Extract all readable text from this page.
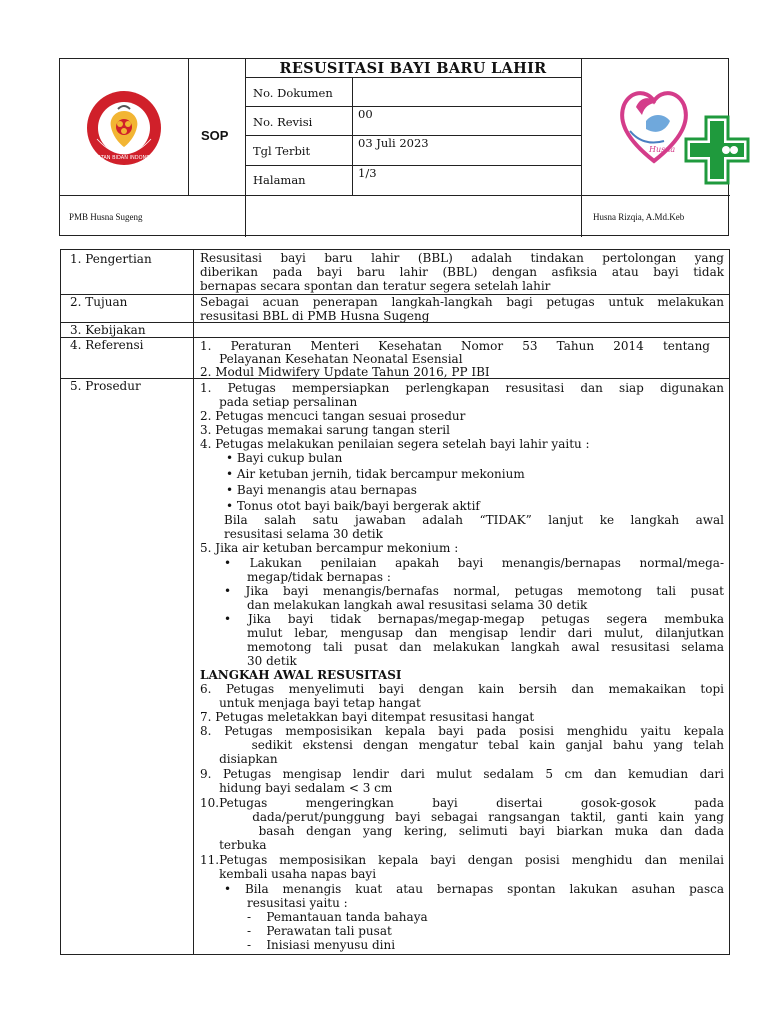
RESUSITASI BAYI BARU LAHIR
SOP
No. Dokumen
No. Revisi
00
Tgl Terbit
03 Juli 2023
Halaman	1/3
PMB Husna Sugeng	Husna Rizqia, A.Md.Keb
IKATAN BIDAN INDONESIA
Husna
1. Pengertian
2. Tujuan
3. Kebijakan
4. Referensi
5. Prosedur
Resusitasi bayi baru lahir (BBL) adalah tindakan pertolongan yang
diberikan pada bayi baru lahir (BBL) dengan asfiksia atau bayi tidak
bernapas secara spontan dan teratur segera setelah lahir
Sebagai acuan penerapan langkah-langkah bagi petugas untuk melakukan
resusitasi BBL di PMB Husna Sugeng
1. Peraturan Menteri Kesehatan Nomor 53 Tahun 2014 tentang
Pelayanan Kesehatan Neonatal Esensial
2. Modul Midwifery Update Tahun 2016, PP IBI
1. Petugas mempersiapkan perlengkapan resusitasi dan siap digunakan
pada setiap persalinan
2. Petugas mencuci tangan sesuai prosedur
3. Petugas memakai sarung tangan steril
4. Petugas melakukan penilaian segera setelah bayi lahir yaitu :
• Bayi cukup bulan
• Air ketuban jernih, tidak bercampur mekonium
• Bayi menangis atau bernapas
• Tonus otot bayi baik/bayi bergerak aktif
Bila salah satu jawaban adalah “TIDAK” lanjut ke langkah awal
resusitasi selama 30 detik
5. Jika air ketuban bercampur mekonium :
• Lakukan penilaian apakah bayi menangis/bernapas normal/mega-
megap/tidak bernapas :
• Jika bayi menangis/bernafas normal, petugas memotong tali pusat
dan melakukan langkah awal resusitasi selama 30 detik
• Jika bayi tidak bernapas/megap-megap petugas segera membuka
mulut lebar, mengusap dan mengisap lendir dari mulut, dilanjutkan
memotong tali pusat dan melakukan langkah awal resusitasi selama
30 detik
LANGKAH AWAL RESUSITASI
6. Petugas menyelimuti bayi dengan kain bersih dan memakaikan topi
untuk menjaga bayi tetap hangat
7. Petugas meletakkan bayi ditempat resusitasi hangat
8. Petugas memposisikan kepala bayi pada posisi menghidu yaitu kepala
sedikit ekstensi dengan mengatur tebal kain ganjal bahu yang telah
disiapkan
9. Petugas mengisap lendir dari mulut sedalam 5 cm dan kemudian dari
hidung bayi sedalam < 3 cm
10.Petugas mengeringkan bayi disertai gosok-gosok pada
dada/perut/punggung bayi sebagai rangsangan taktil, ganti kain yang
basah dengan yang kering, selimuti bayi biarkan muka dan dada
terbuka
11.Petugas memposisikan kepala bayi dengan posisi menghidu dan menilai
kembali usaha napas bayi
• Bila menangis kuat atau bernapas spontan lakukan asuhan pasca
resusitasi yaitu :
-    Pemantauan tanda bahaya
-    Perawatan tali pusat
-    Inisiasi menyusu dini
